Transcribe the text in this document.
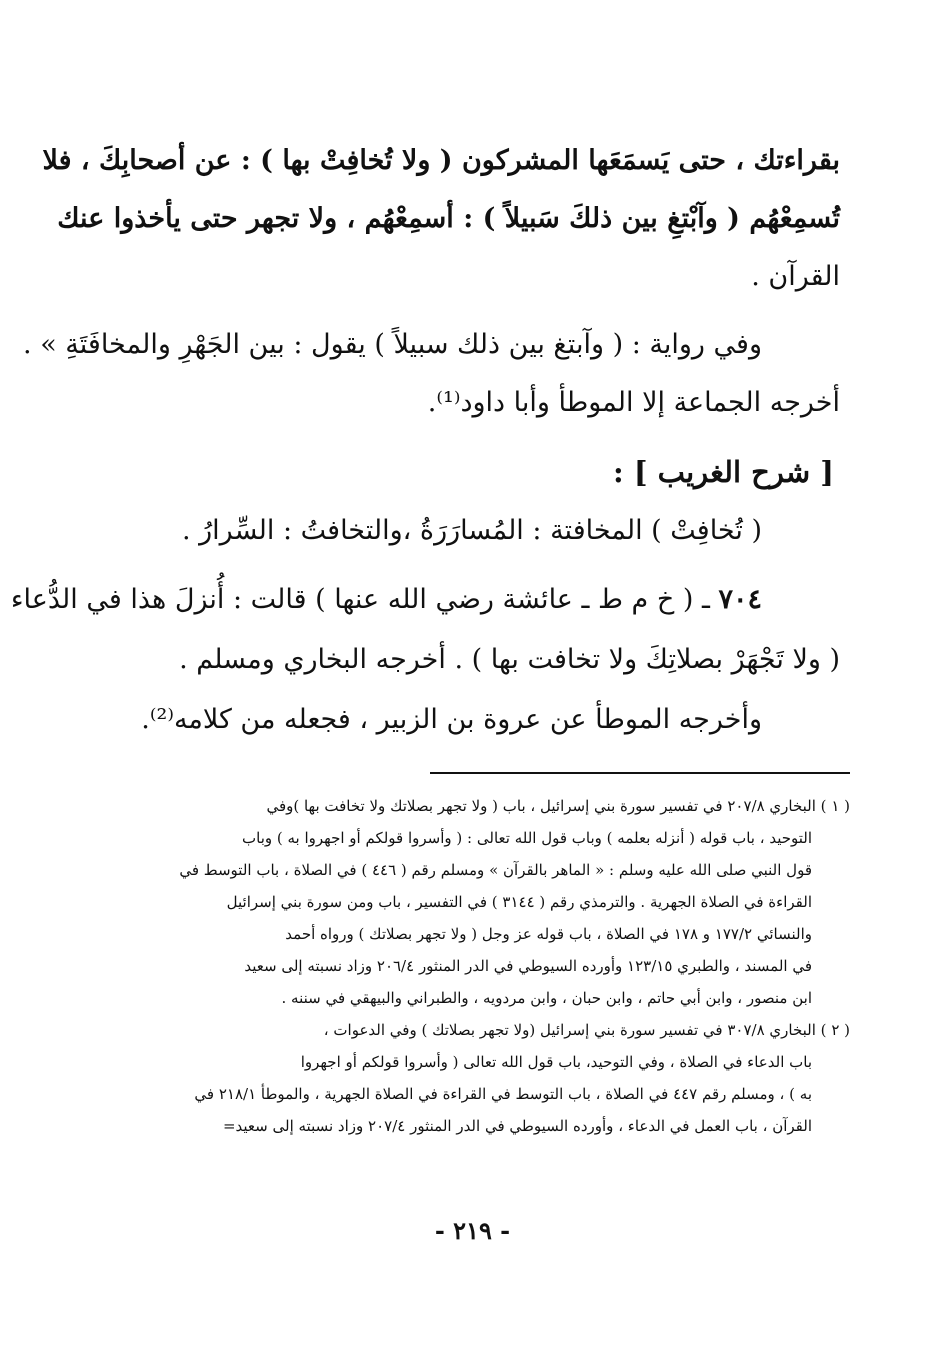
بقراءتك ، حتى يَسمَعَها المشركون ( ولا تُخافِتْ بها ) : عن أصحابِكَ ، فلا
تُسمِعْهُم ( وآبْتغِ بين ذلكَ سَبيلاً ) : أسمِعْهُم ، ولا تجهر حتى يأخذوا عنك
القرآن .
وفي رواية : ( وآبتغ بين ذلك سبيلاً ) يقول : بين الجَهْرِ والمخافَتَةِ » .
أخرجه الجماعة إلا الموطأ وأبا داود⁽¹⁾.
[ شرح الغريب ] :
( تُخافِتْ ) المخافتة : المُسارَرَةُ ،والتخافتُ : السِّرارُ .
٧٠٤ ـ ( خ م ط ـ عائشة رضي الله عنها ) قالت : أُنزلَ هذا في الدُّعاء
( ولا تَجْهَرْ بصلاتِكَ ولا تخافت بها ) . أخرجه البخاري ومسلم .
وأخرجه الموطأ عن عروة بن الزبير ، فجعله من كلامه⁽²⁾.
( ١ ) البخاري ٢٠٧/٨ في تفسير سورة بني إسرائيل ، باب ( ولا تجهر بصلاتك ولا تخافت بها )وفي
التوحيد ، باب قوله ( أنزله بعلمه ) وباب قول الله تعالى : ( وأسروا قولكم أو اجهروا به ) وباب
قول النبي صلى الله عليه وسلم : « الماهر بالقرآن » ومسلم رقم ( ٤٤٦ ) في الصلاة ، باب التوسط في
القراءة في الصلاة الجهرية . والترمذي رقم ( ٣١٤٤ ) في التفسير ، باب ومن سورة بني إسرائيل
والنسائي ١٧٧/٢ و ١٧٨ في الصلاة ، باب قوله عز وجل ( ولا تجهر بصلاتك ) ورواه أحمد
في المسند ، والطبري ١٢٣/١٥ وأورده السيوطي في الدر المنثور ٢٠٦/٤ وزاد نسبته إلى سعيد
ابن منصور ، وابن أبي حاتم ، وابن حبان ، وابن مردويه ، والطبراني والبيهقي في سننه .
( ٢ ) البخاري ٣٠٧/٨ في تفسير سورة بني إسرائيل (ولا تجهر بصلاتك ) وفي الدعوات ،
باب الدعاء في الصلاة ، وفي التوحيد، باب قول الله تعالى ( وأسروا قولكم أو اجهروا
به ) ، ومسلم رقم ٤٤٧ في الصلاة ، باب التوسط في القراءة في الصلاة الجهرية ، والموطأ ٢١٨/١ في
القرآن ، باب العمل في الدعاء ، وأورده السيوطي في الدر المنثور ٢٠٧/٤ وزاد نسبته إلى سعيد=
- ٢١٩ -
